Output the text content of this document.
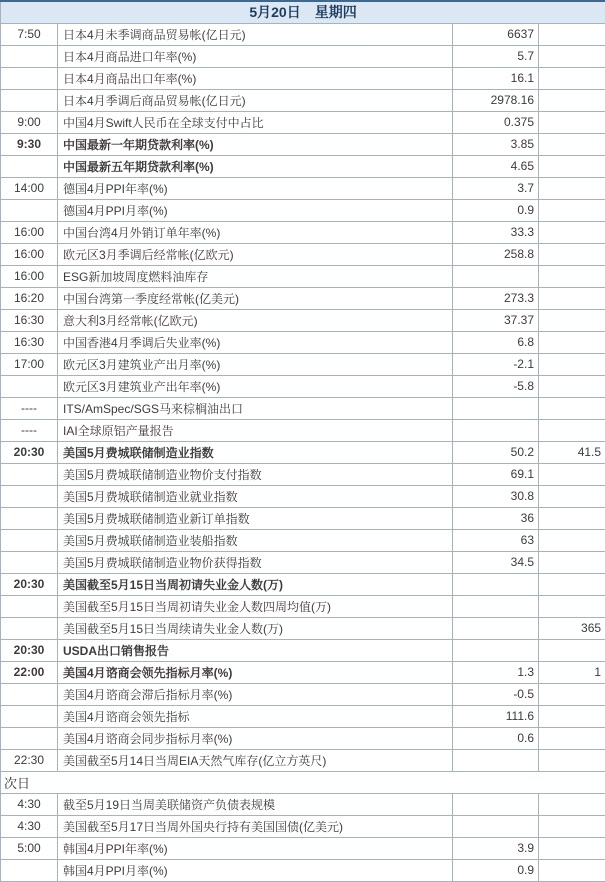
5月20日　星期四			
7:50	日本4月未季调商品贸易帐(亿日元)	6637	
	日本4月商品进口年率(%)	5.7	
	日本4月商品出口年率(%)	16.1	
	日本4月季调后商品贸易帐(亿日元)	2978.16	
9:00	中国4月Swift人民币在全球支付中占比	0.375	
9:30	中国最新一年期贷款利率(%)	3.85	
	中国最新五年期贷款利率(%)	4.65	
14:00	德国4月PPI年率(%)	3.7	
	德国4月PPI月率(%)	0.9	
16:00	中国台湾4月外销订单年率(%)	33.3	
16:00	欧元区3月季调后经常帐(亿欧元)	258.8	
16:00	ESG新加坡周度燃料油库存		
16:20	中国台湾第一季度经常帐(亿美元)	273.3	
16:30	意大利3月经常帐(亿欧元)	37.37	
16:30	中国香港4月季调后失业率(%)	6.8	
17:00	欧元区3月建筑业产出月率(%)	-2.1	
	欧元区3月建筑业产出年率(%)	-5.8	
----	ITS/AmSpec/SGS马来棕榈油出口		
----	IAI全球原铝产量报告		
20:30	美国5月费城联储制造业指数	50.2	41.5
	美国5月费城联储制造业物价支付指数	69.1	
	美国5月费城联储制造业就业指数	30.8	
	美国5月费城联储制造业新订单指数	36	
	美国5月费城联储制造业装船指数	63	
	美国5月费城联储制造业物价获得指数	34.5	
20:30	美国截至5月15日当周初请失业金人数(万)		
	美国截至5月15日当周初请失业金人数四周均值(万)		
	美国截至5月15日当周续请失业金人数(万)		365
20:30	USDA出口销售报告		
22:00	美国4月谘商会领先指标月率(%)	1.3	1
	美国4月谘商会滞后指标月率(%)	-0.5	
	美国4月谘商会领先指标	111.6	
	美国4月谘商会同步指标月率(%)	0.6	
22:30	美国截至5月14日当周EIA天然气库存(亿立方英尺)		
次日			
4:30	截至5月19日当周美联储资产负债表规模		
4:30	美国截至5月17日当周外国央行持有美国国债(亿美元)		
5:00	韩国4月PPI年率(%)	3.9	
	韩国4月PPI月率(%)	0.9	
